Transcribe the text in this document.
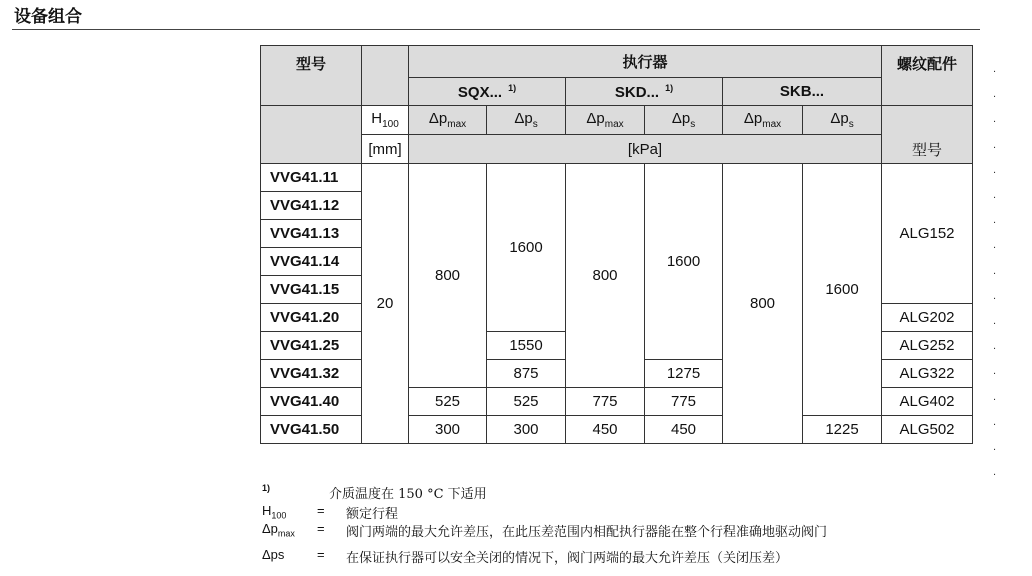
设备组合
.
.
.
.
.
.
.
.
.
.
.
.
.
.
.
.
.
型号		执行器						螺纹配件
		SQX... $^{1)}$		SKD... $^{1)}$		SKB...		
	$H_{100}$	$\Delta p_{max}$	$\Delta p_s$	$\Delta p_{max}$	$\Delta p_s$	$\Delta p_{max}$	$\Delta p_s$	型号
	[mm]	[kPa]						
VVG41.11	20	800	1600	800	1600	800	1600	ALG152
VVG41.12								
VVG41.13								
VVG41.14								
VVG41.15								
VVG41.20								ALG202
VVG41.25			1550					ALG252
VVG41.32			875		1275			ALG322
VVG41.40		525	525	775	775			ALG402
VVG41.50		300	300	450	450		1225	ALG502
1)	介质温度在 150 °C 下适用
$H_{100}$ = 额定行程
$\Delta p_{max}$ = 阀门两端的最大允许差压，在此压差范围内相配执行器能在整个行程准确地驱动阀门
Δps	= 在保证执行器可以安全关闭的情况下，阀门两端的最大允许差压（关闭压差）
